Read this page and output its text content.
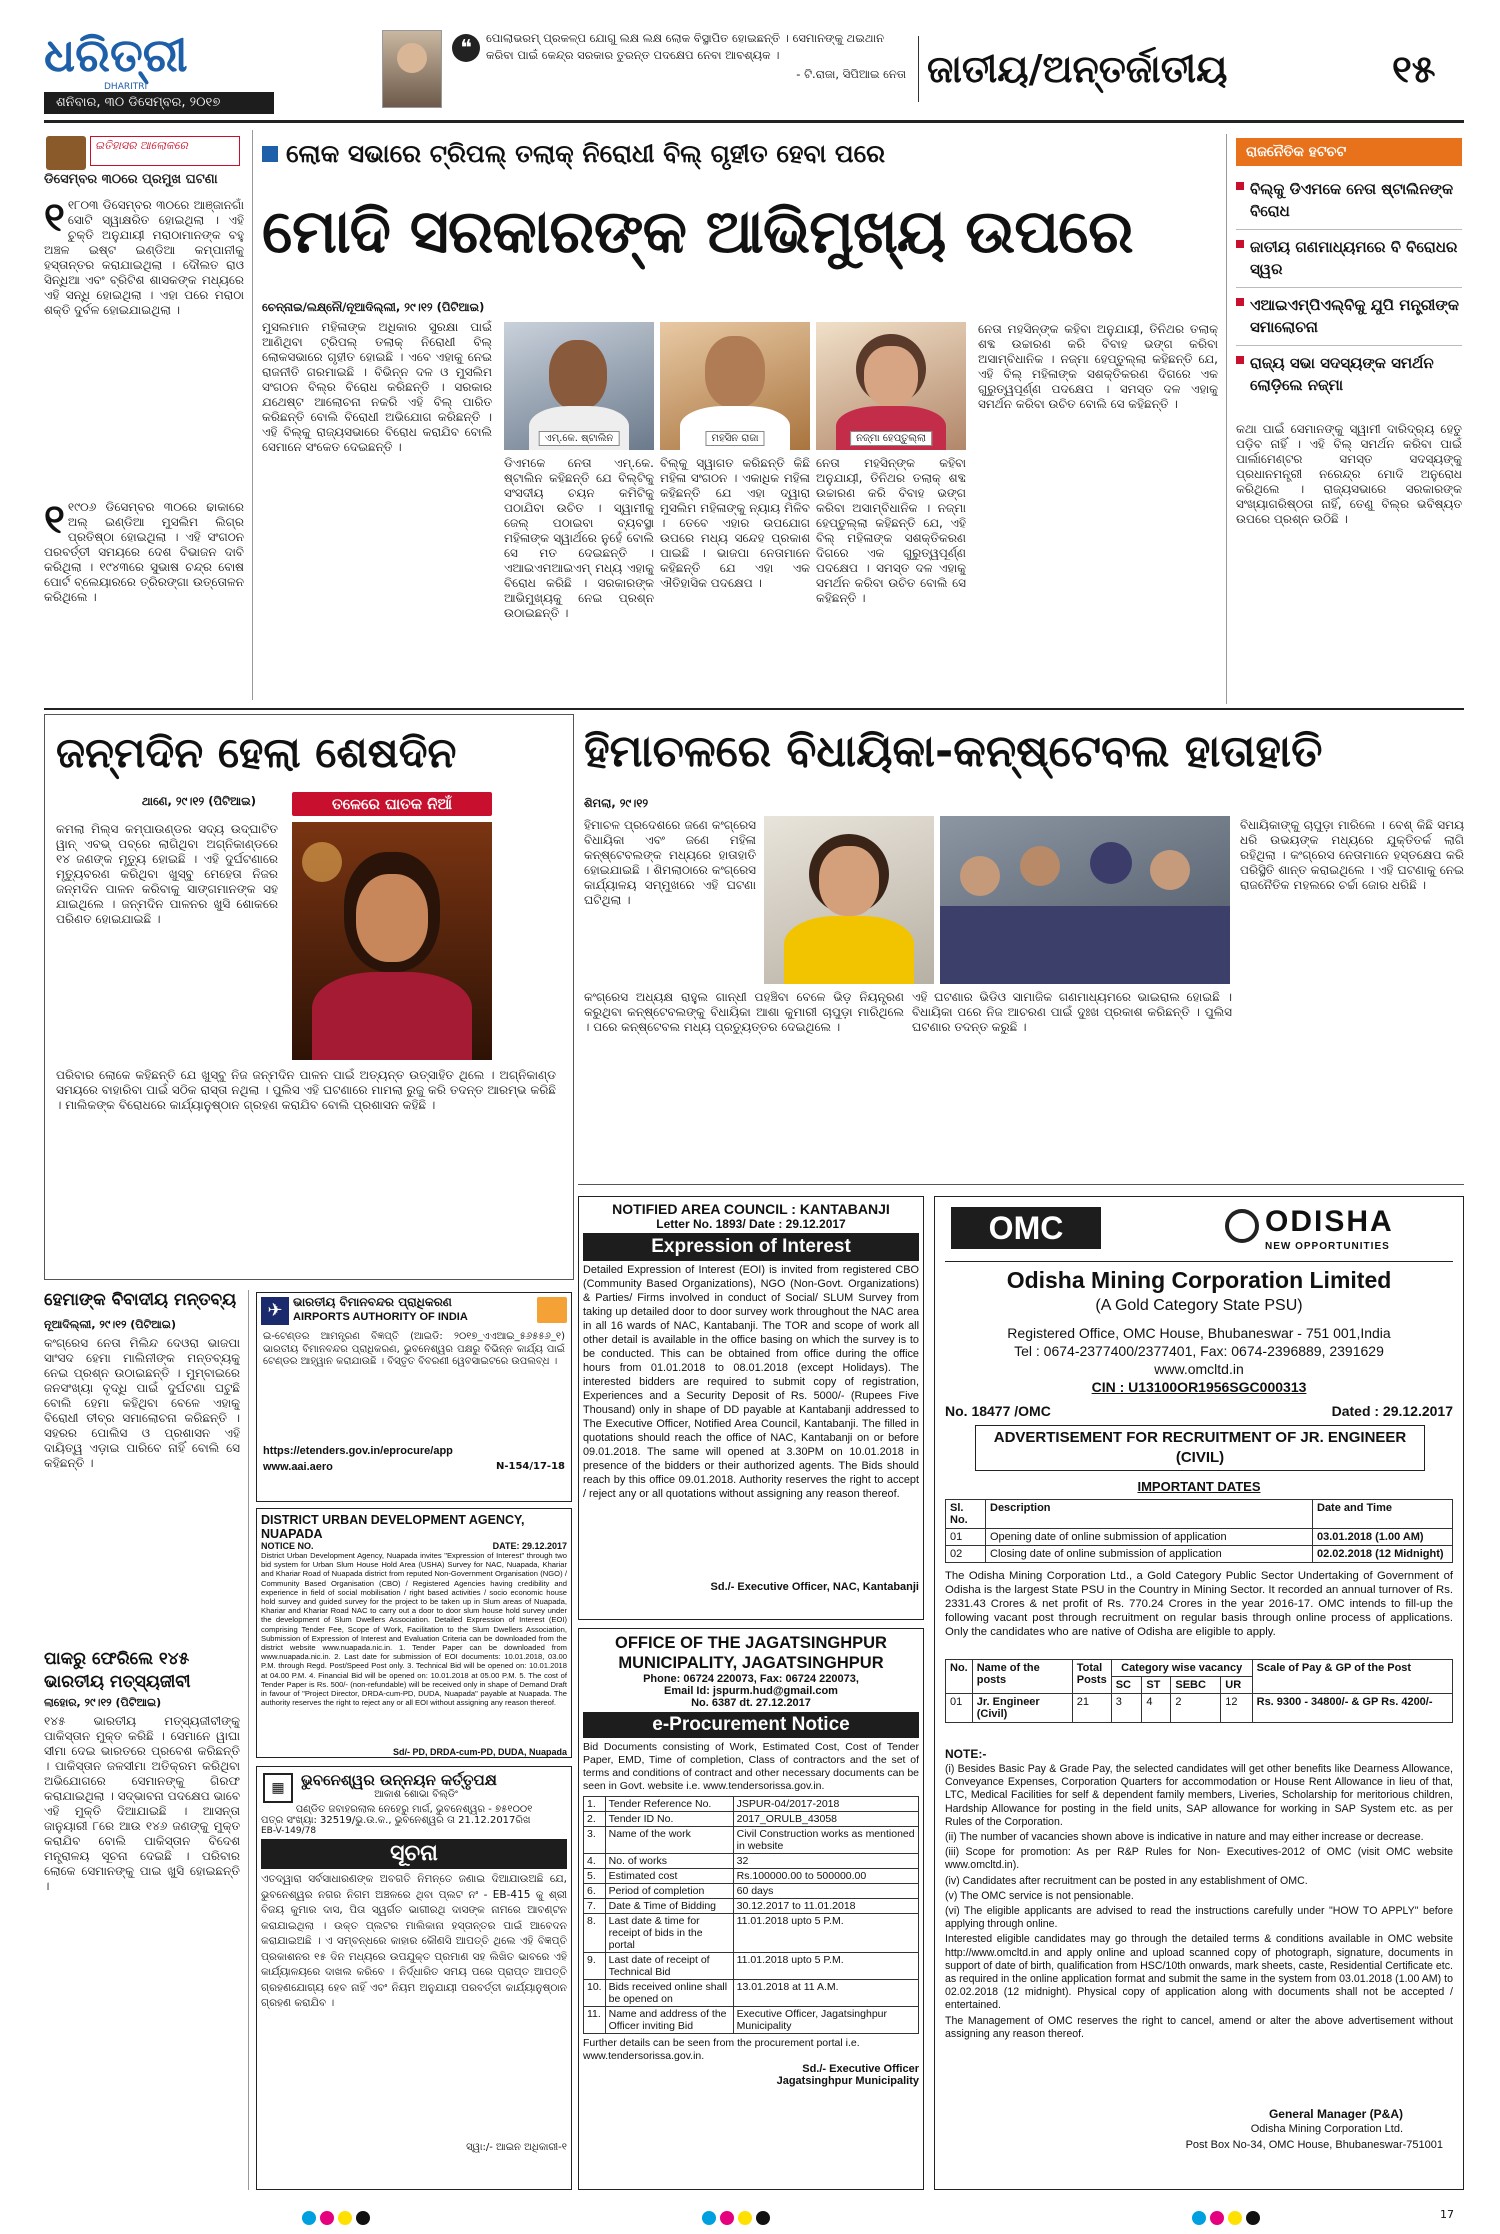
ଧରିତ୍ରୀ
DHARITRI
ଶନିବାର, ୩୦ ଡିସେମ୍ବର, ୨୦୧୭
❝	ପୋଲାଭରମ୍ ପ୍ରକଳ୍ପ ଯୋଗୁ ଲକ୍ଷ ଲକ୍ଷ ଲୋକ ବିସ୍ଥାପିତ ହୋଇଛନ୍ତି । ସେମାନଙ୍କୁ ଥଇଥାନ କରିବା ପାଇଁ କେନ୍ଦ୍ର ସରକାର ତୁରନ୍ତ ପଦକ୍ଷେପ ନେବା ଆବଶ୍ୟକ ।
- ଟି.ରାଜା, ସିପିଆଇ ନେତା ଜାତୀୟ/ଅନ୍ତର୍ଜାତୀୟ	୧୫
ଇତିହାସର ଆଲୋକରେ
ଡିସେମ୍ବର ୩୦ରେ ପ୍ରମୁଖ ଘଟଣା
୧ ୧୮୦୩ ଡିସେମ୍ବର ୩୦ରେ ଆଞ୍ଜାନଗାଁ ସୋଟି ସ୍ୱାକ୍ଷରିତ ହୋଇଥିଲା । ଏହି ଚୁକ୍ତି ଅନୁଯାୟୀ ମରାଠାମାନଙ୍କ ବହୁ ଅଞ୍ଚଳ ଇଷ୍ଟ ଇଣ୍ଡିଆ କମ୍ପାନୀକୁ ହସ୍ତାନ୍ତର କରାଯାଇଥିଲା । ଦୌଲତ ରାଓ ସିନ୍ଧିଆ ଏବଂ ବ୍ରିଟିଶ ଶାସକଙ୍କ ମଧ୍ୟରେ ଏହି ସନ୍ଧି ହୋଇଥିଲା । ଏହା ପରେ ମରାଠା ଶକ୍ତି ଦୁର୍ବଳ ହୋଇଯାଇଥିଲା ।
୧ ୧୯୦୬ ଡିସେମ୍ବର ୩୦ରେ ଢାକାରେ ଅଲ୍‌ ଇଣ୍ଡିଆ ମୁସଲିମ ଲିଗ୍‌ର ପ୍ରତିଷ୍ଠା ହୋଇଥିଲା । ଏହି ସଂଗଠନ ପରବର୍ତ୍ତୀ ସମୟରେ ଦେଶ ବିଭାଜନ ଦାବି କରିଥିଲା । ୧୯୪୩ରେ ସୁଭାଷ ଚନ୍ଦ୍ର ବୋଷ ପୋର୍ଟ ବ୍ଲେୟାରରେ ତ୍ରିରଙ୍ଗା ଉତ୍ତୋଳନ କରିଥିଲେ ।
ଲୋକ ସଭାରେ ଟ୍ରିପଲ୍ ତଲାକ୍ ନିରୋଧୀ ବିଲ୍ ଗୃହୀତ ହେବା ପରେ
ମୋଦି ସରକାରଙ୍କ ଆଭିମୁଖ୍ୟ ଉପରେ
ରାଜନୈତିକ ହଟଚଟ
ବିଲ୍‌କୁ ଡିଏମକେ ନେତା ଷ୍ଟାଲିନଙ୍କ ବିରୋଧ
ଜାତୀୟ ଗଣମାଧ୍ୟମରେ ବି ବିରୋଧର ସ୍ୱର
ଏଆଇଏମ୍ପିଏଲ୍‌ବିକୁ ଯୁପି ମନ୍ତ୍ରୀଙ୍କ ସମାଲୋଚନା
ରାଜ୍ୟ ସଭା ସଦସ୍ୟଙ୍କ ସମର୍ଥନ ଲୋଡ଼ିଲେ ନଜ୍‌ମା
ଚେନ୍ନାଇ/ଲକ୍ଷ୍ନୌ/ନୂଆଦିଲ୍ଲୀ, ୨୯।୧୨ (ପିଟିଆଇ)
ମୁସଲମାନ ମହିଳାଙ୍କ ଅଧିକାର ସୁରକ୍ଷା ପାଇଁ ଆଣିଥିବା ଟ୍ରିପଲ୍ ତଲାକ୍ ନିରୋଧୀ ବିଲ୍ ଲୋକସଭାରେ ଗୃହୀତ ହୋଇଛି । ଏବେ ଏହାକୁ ନେଇ ରାଜନୀତି ଗରମାଇଛି । ବିଭିନ୍ନ ଦଳ ଓ ମୁସଲିମ ସଂଗଠନ ବିଲ୍‌ର ବିରୋଧ କରିଛନ୍ତି । ସରକାର ଯଥେଷ୍ଟ ଆଲୋଚନା ନକରି ଏହି ବିଲ୍ ପାରିତ କରିଛନ୍ତି ବୋଲି ବିରୋଧୀ ଅଭିଯୋଗ କରିଛନ୍ତି । ଏହି ବିଲ୍‌କୁ ରାଜ୍ୟସଭାରେ ବିରୋଧ କରାଯିବ ବୋଲି ସେମାନେ ସଂକେତ ଦେଇଛନ୍ତି ।
ଏମ୍.କେ. ଷ୍ଟାଲିନ	ମହସିନ ରାଜା	ନଜ୍‌ମା ହେପ୍‌ତୁଲ୍ଲା
ଡିଏମକେ ନେତା ଏମ୍.କେ. ଷ୍ଟାଲିନ କହିଛନ୍ତି ଯେ ବିଲ୍‌ଟିକୁ ସଂସଦୀୟ ଚୟନ କମିଟିକୁ ପଠାଯିବା ଉଚିତ । ସ୍ୱାମୀକୁ ଜେଲ୍ ପଠାଇବା ବ୍ୟବସ୍ଥା ମହିଳାଙ୍କ ସ୍ୱାର୍ଥରେ ନୁହେଁ ବୋଲି ସେ ମତ ଦେଇଛନ୍ତି । ଏଆଇଏମଆଇଏମ୍ ମଧ୍ୟ ଏହାକୁ ବିରୋଧ କରିଛି । ସରକାରଙ୍କ ଆଭିମୁଖ୍ୟକୁ ନେଇ ପ୍ରଶ୍ନ ଉଠାଇଛନ୍ତି ।
ବିଲ୍‌କୁ ସ୍ୱାଗତ କରିଛନ୍ତି କିଛି ମହିଳା ସଂଗଠନ । ଏକାଧିକ ମହିଳା କହିଛନ୍ତି ଯେ ଏହା ଦ୍ୱାରା ମୁସଲିମ ମହିଳାଙ୍କୁ ନ୍ୟାୟ ମିଳିବ । ତେବେ ଏହାର ଉପଯୋଗ ଉପରେ ମଧ୍ୟ ସନ୍ଦେହ ପ୍ରକାଶ ପାଇଛି । ଭାଜପା ନେତାମାନେ କହିଛନ୍ତି ଯେ ଏହା ଏକ ଐତିହାସିକ ପଦକ୍ଷେପ ।
ନେତା ମହସିନ୍‌ଙ୍କ କହିବା ଅନୁଯାୟୀ, ତିନିଥର ତଲାକ୍ ଶବ୍ଦ ଉଚ୍ଚାରଣ କରି ବିବାହ ଭଙ୍ଗ କରିବା ଅସାମ୍ବିଧାନିକ । ନଜ୍‌ମା ହେପ୍‌ତୁଲ୍ଲା କହିଛନ୍ତି ଯେ, ଏହି ବିଲ୍ ମହିଳାଙ୍କ ସଶକ୍ତିକରଣ ଦିଗରେ ଏକ ଗୁରୁତ୍ୱପୂର୍ଣ୍ଣ ପଦକ୍ଷେପ । ସମସ୍ତ ଦଳ ଏହାକୁ ସମର୍ଥନ କରିବା ଉଚିତ ବୋଲି ସେ କହିଛନ୍ତି ।
ନେତା ମହସିନ୍‌ଙ୍କ କହିବା ଅନୁଯାୟୀ, ତିନିଥର ତଲାକ୍ ଶବ୍ଦ ଉଚ୍ଚାରଣ କରି ବିବାହ ଭଙ୍ଗ କରିବା ଅସାମ୍ବିଧାନିକ । ନଜ୍‌ମା ହେପ୍‌ତୁଲ୍ଲା କହିଛନ୍ତି ଯେ, ଏହି ବିଲ୍ ମହିଳାଙ୍କ ସଶକ୍ତିକରଣ ଦିଗରେ ଏକ ଗୁରୁତ୍ୱପୂର୍ଣ୍ଣ ପଦକ୍ଷେପ । ସମସ୍ତ ଦଳ ଏହାକୁ ସମର୍ଥନ କରିବା ଉଚିତ ବୋଲି ସେ କହିଛନ୍ତି ।
କଥା ପାଇଁ ସେମାନଙ୍କୁ ସ୍ୱାମୀ ଦାରିଦ୍ର୍ୟ ହେତୁ ପଡ଼ିବ ନାହିଁ । ଏହି ବିଲ୍ ସମର୍ଥନ କରିବା ପାଇଁ ପାର୍ଲାମେଣ୍ଟର ସମସ୍ତ ସଦସ୍ୟଙ୍କୁ ପ୍ରଧାନମନ୍ତ୍ରୀ ନରେନ୍ଦ୍ର ମୋଦି ଅନୁରୋଧ କରିଥିଲେ । ରାଜ୍ୟସଭାରେ ସରକାରଙ୍କ ସଂଖ୍ୟାଗରିଷ୍ଠତା ନାହିଁ, ତେଣୁ ବିଲ୍‌ର ଭବିଷ୍ୟତ ଉପରେ ପ୍ରଶ୍ନ ଉଠିଛି ।
ଜନ୍ମଦିନ ହେଲା ଶେଷଦିନ
ଥାଣେ, ୨୯।୧୨ (ପିଟିଆଇ)	ତଳେରେ ଘାତକ ନିଆଁ
କମଲା ମିଲ୍ସ କମ୍ପାଉଣ୍ଡର ସଦ୍ୟ ଉଦ୍‌ଘାଟିତ ୱାନ୍ ଏବଭ୍ ପବ୍‌ରେ ଲାଗିଥିବା ଅଗ୍ନିକାଣ୍ଡରେ ୧୪ ଜଣଙ୍କ ମୃତ୍ୟୁ ହୋଇଛି । ଏହି ଦୁର୍ଘଟଣାରେ ମୃତ୍ୟୁବରଣ କରିଥିବା ଖୁସ୍‌ବୁ ମେହେତା ନିଜର ଜନ୍ମଦିନ ପାଳନ କରିବାକୁ ସାଙ୍ଗମାନଙ୍କ ସହ ଯାଇଥିଲେ । ଜନ୍ମଦିନ ପାଳନର ଖୁସି ଶୋକରେ ପରିଣତ ହୋଇଯାଇଛି ।
ପରିବାର ଲୋକେ କହିଛନ୍ତି ଯେ ଖୁସ୍‌ବୁ ନିଜ ଜନ୍ମଦିନ ପାଳନ ପାଇଁ ଅତ୍ୟନ୍ତ ଉତ୍ସାହିତ ଥିଲେ । ଅଗ୍ନିକାଣ୍ଡ ସମୟରେ ବାହାରିବା ପାଇଁ ସଠିକ ରାସ୍ତା ନଥିଲା । ପୁଲିସ ଏହି ଘଟଣାରେ ମାମଲା ରୁଜୁ କରି ତଦନ୍ତ ଆରମ୍ଭ କରିଛି । ମାଲିକଙ୍କ ବିରୋଧରେ କାର୍ଯ୍ୟାନୁଷ୍ଠାନ ଗ୍ରହଣ କରାଯିବ ବୋଲି ପ୍ରଶାସନ କହିଛି ।
ହିମାଚଳରେ ବିଧାୟିକା-କନ୍‌ଷ୍ଟେବଲ ହାତାହାତି
ଶିମଲା, ୨୯।୧୨
ହିମାଚଳ ପ୍ରଦେଶରେ ଜଣେ କଂଗ୍ରେସ ବିଧାୟିକା ଏବଂ ଜଣେ ମହିଳା କନ୍‌ଷ୍ଟେବଲଙ୍କ ମଧ୍ୟରେ ହାତାହାତି ହୋଇଯାଇଛି । ଶିମଲାଠାରେ କଂଗ୍ରେସ କାର୍ଯ୍ୟାଳୟ ସମ୍ମୁଖରେ ଏହି ଘଟଣା ଘଟିଥିଲା ।
କଂଗ୍ରେସ ଅଧ୍ୟକ୍ଷ ରାହୁଲ ଗାନ୍ଧୀ ପହଞ୍ଚିବା ବେଳେ ଭିଡ଼ ନିୟନ୍ତ୍ରଣ କରୁଥିବା କନ୍‌ଷ୍ଟେବଲଙ୍କୁ ବିଧାୟିକା ଆଶା କୁମାରୀ ଚାପୁଡ଼ା ମାରିଥିଲେ । ପରେ କନ୍‌ଷ୍ଟେବଲ ମଧ୍ୟ ପ୍ରତ୍ୟୁତ୍ତର ଦେଇଥିଲେ ।
ଏହି ଘଟଣାର ଭିଡିଓ ସାମାଜିକ ଗଣମାଧ୍ୟମରେ ଭାଇରାଲ ହୋଇଛି । ବିଧାୟିକା ପରେ ନିଜ ଆଚରଣ ପାଇଁ ଦୁଃଖ ପ୍ରକାଶ କରିଛନ୍ତି । ପୁଲିସ ଘଟଣାର ତଦନ୍ତ କରୁଛି ।
ବିଧାୟିକାଙ୍କୁ ଚାପୁଡ଼ା ମାରିଲେ । ବେଶ୍ କିଛି ସମୟ ଧରି ଉଭୟଙ୍କ ମଧ୍ୟରେ ଯୁକ୍ତିତର୍କ ଲାଗି ରହିଥିଲା । କଂଗ୍ରେସ ନେତାମାନେ ହସ୍ତକ୍ଷେପ କରି ପରିସ୍ଥିତି ଶାନ୍ତ କରାଇଥିଲେ । ଏହି ଘଟଣାକୁ ନେଇ ରାଜନୈତିକ ମହଲରେ ଚର୍ଚ୍ଚା ଜୋର ଧରିଛି ।
ହେମାଙ୍କ ବିବାଦୀୟ ମନ୍ତବ୍ୟ
ନୂଆଦିଲ୍ଲୀ, ୨୯।୧୨ (ପିଟିଆଇ)
କଂଗ୍ରେସ ନେତା ମିଲିନ୍ଦ ଦେଓରା ଭାଜପା ସାଂସଦ ହେମା ମାଲିନୀଙ୍କ ମନ୍ତବ୍ୟକୁ ନେଇ ପ୍ରଶ୍ନ ଉଠାଇଛନ୍ତି । ମୁମ୍ବାଇରେ ଜନସଂଖ୍ୟା ବୃଦ୍ଧି ପାଇଁ ଦୁର୍ଘଟଣା ଘଟୁଛି ବୋଲି ହେମା କହିଥିବା ବେଳେ ଏହାକୁ ବିରୋଧୀ ତୀବ୍ର ସମାଲୋଚନା କରିଛନ୍ତି । ସହରର ପୋଲିସ ଓ ପ୍ରଶାସନ ଏହି ଦାୟିତ୍ୱ ଏଡ଼ାଇ ପାରିବେ ନାହିଁ ବୋଲି ସେ କହିଛନ୍ତି ।
ପାକରୁ ଫେରିଲେ ୧୪୫ ଭାରତୀୟ ମତ୍ସ୍ୟଜୀବୀ
ଲାହୋର, ୨୯।୧୨ (ପିଟିଆଇ)
୧୪୫ ଭାରତୀୟ ମତ୍ସ୍ୟଜୀବୀଙ୍କୁ ପାକିସ୍ତାନ ମୁକ୍ତ କରିଛି । ସେମାନେ ୱାଘା ସୀମା ଦେଇ ଭାରତରେ ପ୍ରବେଶ କରିଛନ୍ତି । ପାକିସ୍ତାନ ଜଳସୀମା ଅତିକ୍ରମ କରିଥିବା ଅଭିଯୋଗରେ ସେମାନଙ୍କୁ ଗିରଫ କରାଯାଇଥିଲା । ସଦ୍ଭାବନା ପଦକ୍ଷେପ ଭାବେ ଏହି ମୁକ୍ତି ଦିଆଯାଇଛି । ଆସନ୍ତା ଜାନୁୟାରୀ ୮ରେ ଆଉ ୧୪୬ ଜଣଙ୍କୁ ମୁକ୍ତ କରାଯିବ ବୋଲି ପାକିସ୍ତାନ ବିଦେଶ ମନ୍ତ୍ରାଳୟ ସୂଚନା ଦେଇଛି । ପରିବାର ଲୋକେ ସେମାନଙ୍କୁ ପାଇ ଖୁସି ହୋଇଛନ୍ତି ।
✈ ଭାରତୀୟ ବିମାନବନ୍ଦର ପ୍ରାଧିକରଣ
AIRPORTS AUTHORITY OF INDIA
ଇ-ଟେଣ୍ଡର ଆମନ୍ତ୍ରଣ ବିଜ୍ଞପ୍ତି (ଆଇଡି: ୨୦୧୭_ଏଏଆଇ_୫୬୫୫୬_୧) ଭାରତୀୟ ବିମାନବନ୍ଦର ପ୍ରାଧିକରଣ, ଭୁବନେଶ୍ୱର ପକ୍ଷରୁ ବିଭିନ୍ନ କାର୍ଯ୍ୟ ପାଇଁ ଟେଣ୍ଡର ଆହ୍ୱାନ କରାଯାଉଛି । ବିସ୍ତୃତ ବିବରଣୀ ୱେବସାଇଟରେ ଉପଲବ୍ଧ ।
https://etenders.gov.in/eprocure/app
www.aai.aero	N-154/17-18
DISTRICT URBAN DEVELOPMENT AGENCY, NUAPADA
NOTICE NO.	DATE: 29.12.2017
District Urban Development Agency, Nuapada invites "Expression of Interest" through two bid system for Urban Slum House Hold Area (USHA) Survey for NAC, Nuapada, Khariar and Khariar Road of Nuapada district from reputed Non-Government Organisation (NGO) / Community Based Organisation (CBO) / Registered Agencies having credibility and experience in field of social mobilisation / right based activities / socio economic house hold survey and guided survey for the project to be taken up in Slum areas of Nuapada, Khariar and Khariar Road NAC to carry out a door to door slum house hold survey under the development of Slum Dwellers Association. Detailed Expression of Interest (EOI) comprising Tender Fee, Scope of Work, Facilitation to the Slum Dwellers Association, Submission of Expression of Interest and Evaluation Criteria can be downloaded from the district website www.nuapada.nic.in. 1. Tender Paper can be downloaded from www.nuapada.nic.in. 2. Last date for submission of EOI documents: 10.01.2018, 03.00 P.M. through Regd. Post/Speed Post only. 3. Technical Bid will be opened on: 10.01.2018 at 04.00 P.M. 4. Financial Bid will be opened on: 10.01.2018 at 05.00 P.M. 5. The cost of Tender Paper is Rs. 500/- (non-refundable) will be received only in shape of Demand Draft in favour of "Project Director, DRDA-cum-PD, DUDA, Nuapada" payable at Nuapada. The authority reserves the right to reject any or all EOI without assigning any reason thereof.
Sd/- PD, DRDA-cum-PD, DUDA, Nuapada
▦	ଭୁବନେଶ୍ୱର ଉନ୍ନୟନ କର୍ତ୍ତୃପକ୍ଷ
ଆକାଶ ଶୋଭା ବିଲ୍ଡିଂ
ପଣ୍ଡିତ ଜବାହରଲାଲ ନେହେରୁ ମାର୍ଗ, ଭୁବନେଶ୍ୱର - ୭୫୧୦୦୧
ପତ୍ର ସଂଖ୍ୟା: 32519/ଭୁ.ଉ.କ., ଭୁବନେଶ୍ୱର ତା 21.12.2017ରିଖ
EB-V-149/78
ସୂଚନା
ଏତଦ୍ୱାରା ସର୍ବସାଧାରଣଙ୍କ ଅବଗତି ନିମନ୍ତେ ଜଣାଇ ଦିଆଯାଉଅଛି ଯେ, ଭୁବନେଶ୍ୱର ନଗର ନିଗମ ଅଞ୍ଚଳରେ ଥିବା ପ୍ଲଟ ନଂ - EB-415 କୁ ଶ୍ରୀ ବିଜୟ କୁମାର ଦାସ, ପିତା ସ୍ୱର୍ଗତ ଭାଗୀରଥି ଦାସଙ୍କ ନାମରେ ଆବଣ୍ଟନ କରାଯାଇଥିଲା । ଉକ୍ତ ପ୍ଲଟର ମାଲିକାନା ହସ୍ତାନ୍ତର ପାଇଁ ଆବେଦନ କରାଯାଇଅଛି । ଏ ସମ୍ବନ୍ଧରେ କାହାର କୌଣସି ଆପତ୍ତି ଥିଲେ ଏହି ବିଜ୍ଞପ୍ତି ପ୍ରକାଶନର ୧୫ ଦିନ ମଧ୍ୟରେ ଉପଯୁକ୍ତ ପ୍ରମାଣ ସହ ଲିଖିତ ଭାବରେ ଏହି କାର୍ଯ୍ୟାଳୟରେ ଦାଖଲ କରିବେ । ନିର୍ଦ୍ଧାରିତ ସମୟ ପରେ ପ୍ରାପ୍ତ ଆପତ୍ତି ଗ୍ରହଣଯୋଗ୍ୟ ହେବ ନାହିଁ ଏବଂ ନିୟମ ଅନୁଯାୟୀ ପରବର୍ତ୍ତୀ କାର୍ଯ୍ୟାନୁଷ୍ଠାନ ଗ୍ରହଣ କରାଯିବ ।
ସ୍ୱା:/- ଆଇନ ଅଧିକାରୀ-୧
NOTIFIED AREA COUNCIL : KANTABANJI
Letter No. 1893/ Date : 29.12.2017
Expression of Interest
Detailed Expression of Interest (EOI) is invited from registered CBO (Community Based Organizations), NGO (Non-Govt. Organizations) & Parties/ Firms involved in conduct of Social/ SLUM Survey from taking up detailed door to door survey work throughout the NAC area in all 16 wards of NAC, Kantabanji. The TOR and scope of work all other detail is available in the office basing on which the survey is to be conducted. This can be obtained from office during the office hours from 01.01.2018 to 08.01.2018 (except Holidays). The interested bidders are required to submit copy of registration, Experiences and a Security Deposit of Rs. 5000/- (Rupees Five Thousand) only in shape of DD payable at Kantabanji addressed to The Executive Officer, Notified Area Council, Kantabanji. The filled in quotations should reach the office of NAC, Kantabanji on or before 09.01.2018. The same will opened at 3.30PM on 10.01.2018 in presence of the bidders or their authorized agents. The Bids should reach by this office 09.01.2018. Authority reserves the right to accept / reject any or all quotations without assigning any reason thereof.
Sd./- Executive Officer, NAC, Kantabanji
OFFICE OF THE JAGATSINGHPUR MUNICIPALITY, JAGATSINGHPUR
Phone: 06724 220073, Fax: 06724 220073,
Email Id: jspurm.hud@gmail.com
No. 6387 dt. 27.12.2017
e-Procurement Notice
Bid Documents consisting of Work, Estimated Cost, Cost of Tender Paper, EMD, Time of completion, Class of contractors and the set of terms and conditions of contract and other necessary documents can be seen in Govt. website i.e. www.tendersorissa.gov.in.
1.	Tender Reference No.	JSPUR-04/2017-2018
2.	Tender ID No.	2017_ORULB_43058
3.	Name of the work	Civil Construction works as mentioned in website
4.	No. of works	32
5.	Estimated cost	Rs.100000.00 to 500000.00
6.	Period of completion	60 days
7.	Date & Time of Bidding	30.12.2017 to 11.01.2018
8.	Last date & time for receipt of bids in the portal	11.01.2018 upto 5 P.M.
9.	Last date of receipt of Technical Bid	11.01.2018 upto 5 P.M.
10.	Bids received online shall be opened on	13.01.2018 at 11 A.M.
11.	Name and address of the Officer inviting Bid	Executive Officer, Jagatsinghpur Municipality
Further details can be seen from the procurement portal i.e. www.tendersorissa.gov.in.
Sd./- Executive Officer Jagatsinghpur Municipality
OMC	ODISHA
NEW OPPORTUNITIES
Odisha Mining Corporation Limited
(A Gold Category State PSU)
Registered Office, OMC House, Bhubaneswar - 751 001,India
Tel : 0674-2377400/2377401, Fax: 0674-2396889, 2391629
www.omcltd.in
CIN : U13100OR1956SGC000313
No. 18477 /OMC	Dated : 29.12.2017
ADVERTISEMENT FOR RECRUITMENT OF JR. ENGINEER (CIVIL)
IMPORTANT DATES
Sl. No.	Description	Date and Time
01	Opening date of online submission of application	03.01.2018 (1.00 AM)
02	Closing date of online submission of application	02.02.2018 (12 Midnight)
The Odisha Mining Corporation Ltd., a Gold Category Public Sector Undertaking of Government of Odisha is the largest State PSU in the Country in Mining Sector. It recorded an annual turnover of Rs. 2331.43 Crores & net profit of Rs. 770.24 Crores in the year 2016-17. OMC intends to fill-up the following vacant post through recruitment on regular basis through online process of applications. Only the candidates who are native of Odisha are eligible to apply.
No.	Name of the posts	Total Posts	Category wise vacancy				Scale of Pay & GP of the Post
			SC	ST	SEBC	UR	
01	Jr. Engineer (Civil)	21	3	4	2	12	Rs. 9300 - 34800/- & GP Rs. 4200/-
NOTE:-
(i) Besides Basic Pay & Grade Pay, the selected candidates will get other benefits like Dearness Allowance, Conveyance Expenses, Corporation Quarters for accommodation or House Rent Allowance in lieu of that, LTC, Medical Facilities for self & dependent family members, Liveries, Scholarship for meritorious children, Hardship Allowance for posting in the field units, SAP allowance for working in SAP System etc. as per Rules of the Corporation.
(ii) The number of vacancies shown above is indicative in nature and may either increase or decrease.
(iii) Scope for promotion: As per R&P Rules for Non- Executives-2012 of OMC (visit OMC website www.omcltd.in).
(iv) Candidates after recruitment can be posted in any establishment of OMC.
(v) The OMC service is not pensionable.
(vi) The eligible applicants are advised to read the instructions carefully under "HOW TO APPLY" before applying through online.
Interested eligible candidates may go through the detailed terms & conditions available in OMC website http://www.omcltd.in and apply online and upload scanned copy of photograph, signature, documents in support of date of birth, qualification from HSC/10th onwards, mark sheets, caste, Residential Certificate etc. as required in the online application format and submit the same in the system from 03.01.2018 (1.00 AM) to 02.02.2018 (12 midnight). Physical copy of application along with documents shall not be accepted / entertained.
The Management of OMC reserves the right to cancel, amend or alter the above advertisement without assigning any reason thereof.
General Manager (P&A)
Odisha Mining Corporation Ltd.
Post Box No-34, OMC House, Bhubaneswar-751001
17
